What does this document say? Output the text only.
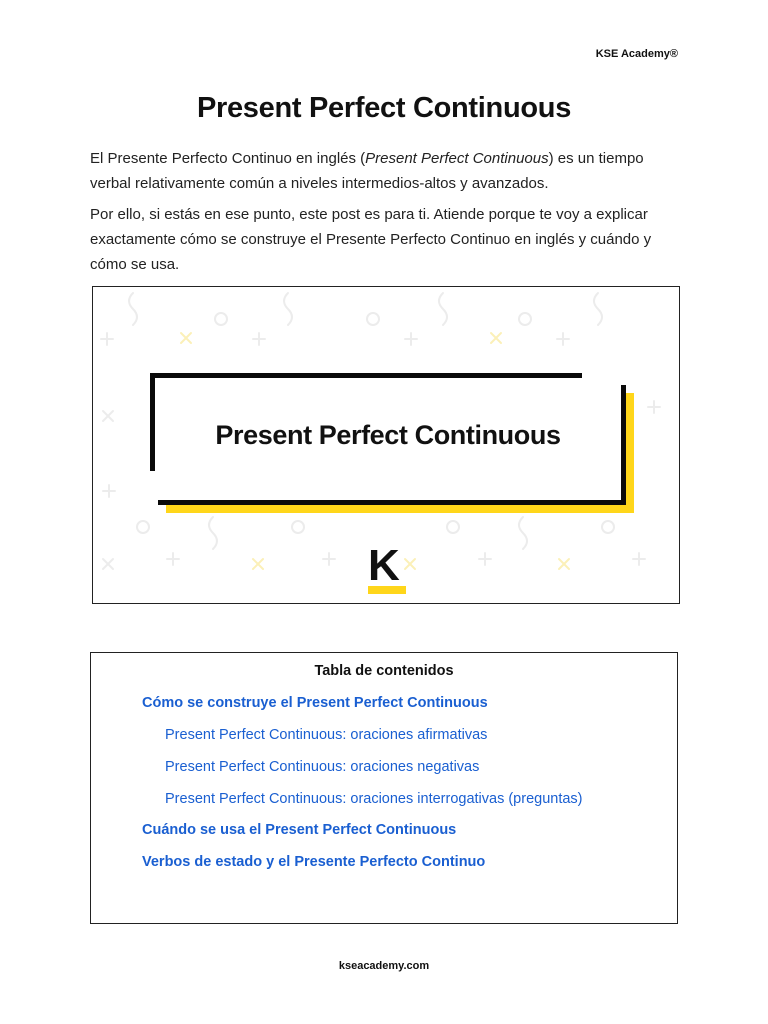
KSE Academy®
Present Perfect Continuous

El Presente Perfecto Continuo en inglés (Present Perfect Continuous) es un tiempo verbal relativamente común a niveles intermedios-altos y avanzados.

Por ello, si estás en ese punto, este post es para ti. Atiende porque te voy a explicar exactamente cómo se construye el Presente Perfecto Continuo en inglés y cuándo y cómo se usa.

Present Perfect Continuous
K
Tabla de contenidos
Cómo se construye el Present Perfect Continuous
Present Perfect Continuous: oraciones afirmativas
Present Perfect Continuous: oraciones negativas
Present Perfect Continuous: oraciones interrogativas (preguntas)
Cuándo se usa el Present Perfect Continuous
Verbos de estado y el Presente Perfecto Continuo
kseacademy.com
